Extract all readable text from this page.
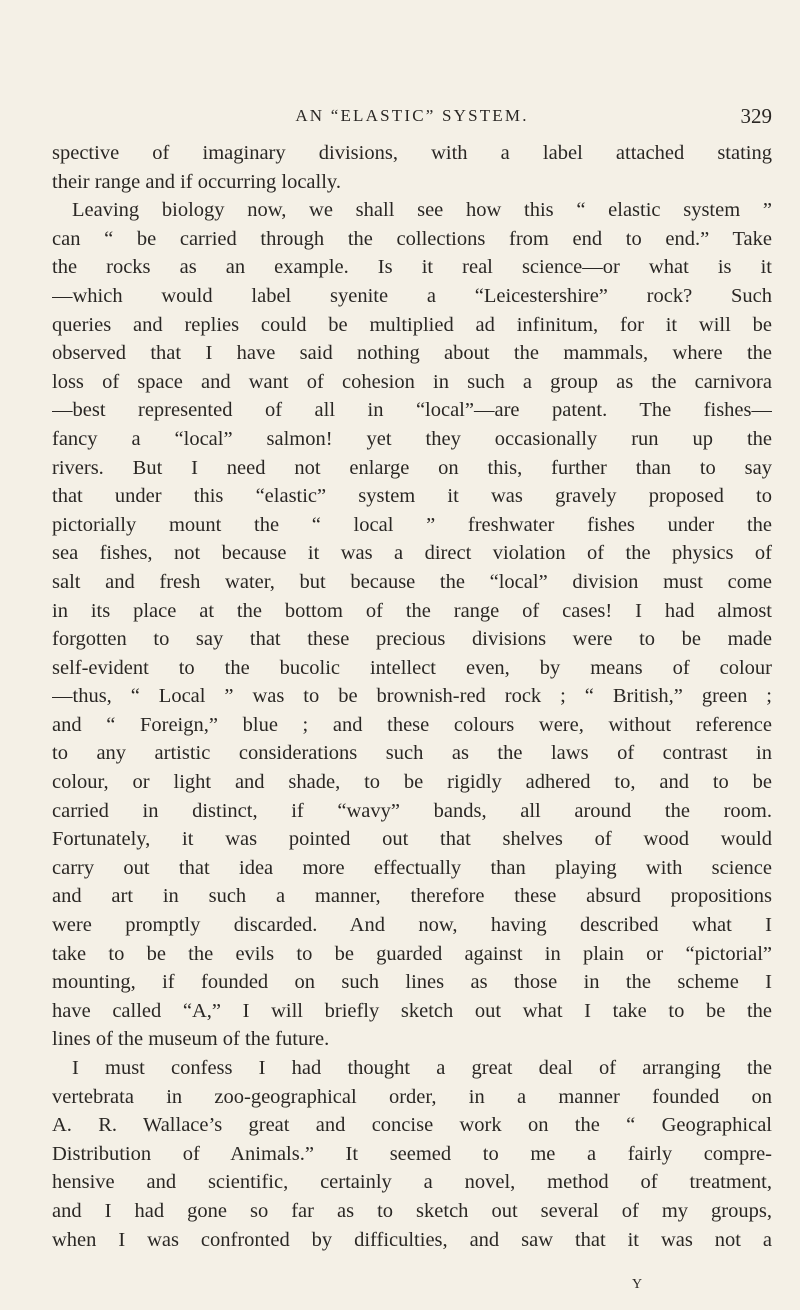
AN “ELASTIC” SYSTEM.	329
spective of imaginary divisions, with a label attached stating
their range and if occurring locally.
Leaving biology now, we shall see how this “ elastic system ”
can “ be carried through the collections from end to end.” Take
the rocks as an example. Is it real science—or what is it
—which would label syenite a “Leicestershire” rock? Such
queries and replies could be multiplied ad infinitum, for it will be
observed that I have said nothing about the mammals, where the
loss of space and want of cohesion in such a group as the carnivora
—best represented of all in “local”—are patent. The fishes—
fancy a “local” salmon! yet they occasionally run up the
rivers. But I need not enlarge on this, further than to say
that under this “elastic” system it was gravely proposed to
pictorially mount the “ local ” freshwater fishes under the
sea fishes, not because it was a direct violation of the physics of
salt and fresh water, but because the “local” division must come
in its place at the bottom of the range of cases! I had almost
forgotten to say that these precious divisions were to be made
self-evident to the bucolic intellect even, by means of colour
—thus, “ Local ” was to be brownish-red rock ; “ British,” green ;
and “ Foreign,” blue ; and these colours were, without reference
to any artistic considerations such as the laws of contrast in
colour, or light and shade, to be rigidly adhered to, and to be
carried in distinct, if “wavy” bands, all around the room.
Fortunately, it was pointed out that shelves of wood would
carry out that idea more effectually than playing with science
and art in such a manner, therefore these absurd propositions
were promptly discarded. And now, having described what I
take to be the evils to be guarded against in plain or “pictorial”
mounting, if founded on such lines as those in the scheme I
have called “A,” I will briefly sketch out what I take to be the
lines of the museum of the future.
I must confess I had thought a great deal of arranging the
vertebrata in zoo-geographical order, in a manner founded on
A. R. Wallace’s great and concise work on the “ Geographical
Distribution of Animals.” It seemed to me a fairly compre-
hensive and scientific, certainly a novel, method of treatment,
and I had gone so far as to sketch out several of my groups,
when I was confronted by difficulties, and saw that it was not a
Y
